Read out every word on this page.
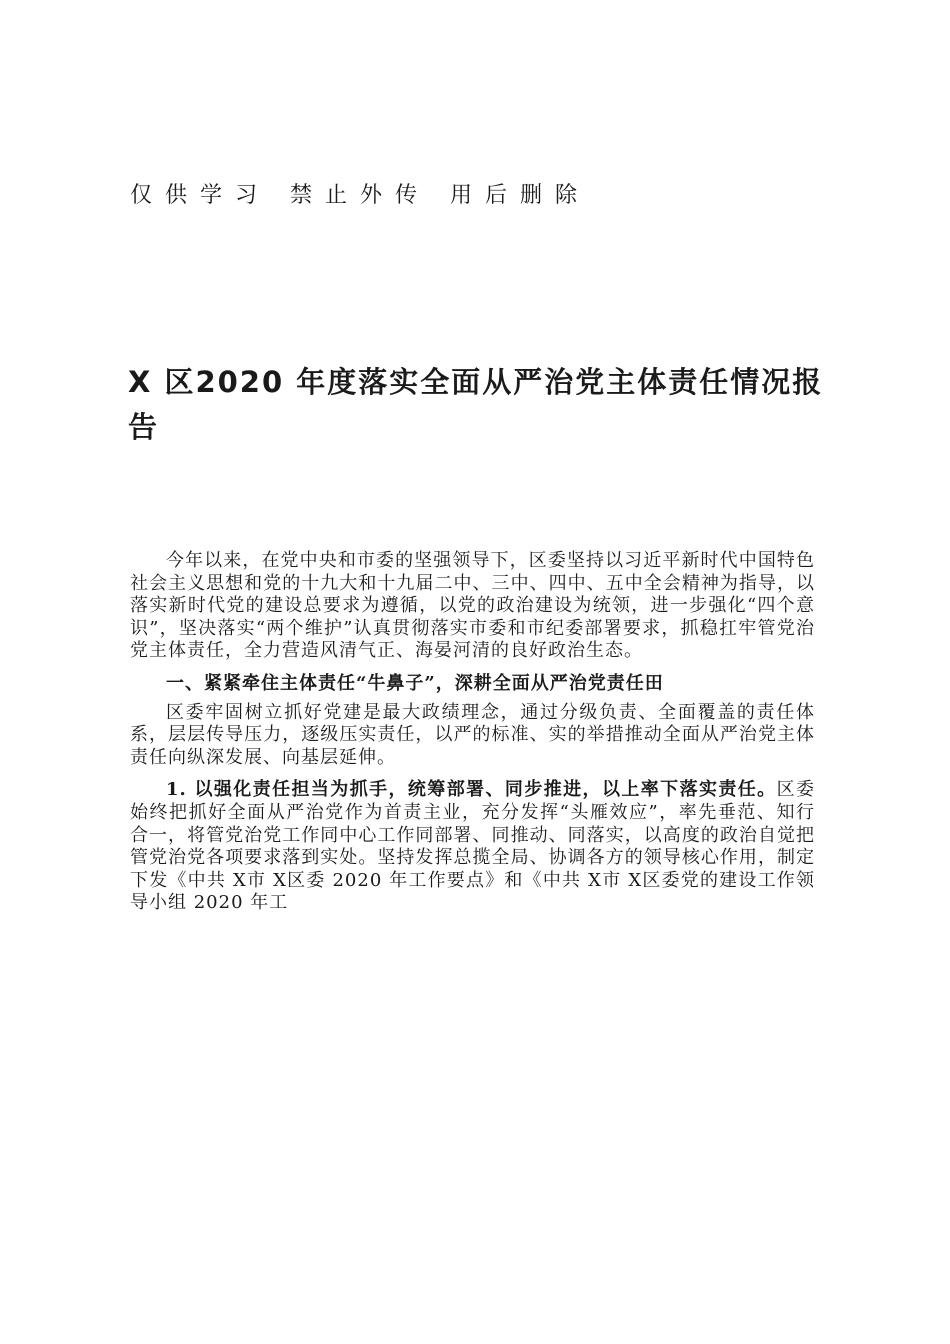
仅供学习 禁止外传 用后删除
X 区2020 年度落实全面从严治党主体责任情况报告

今年以来，在党中央和市委的坚强领导下，区委坚持以习近平新时代中国特色社会主义思想和党的十九大和十九届二中、三中、四中、五中全会精神为指导，以落实新时代党的建设总要求为遵循，以党的政治建设为统领，进一步强化“四个意识”，坚决落实“两个维护”认真贯彻落实市委和市纪委部署要求，抓稳扛牢管党治党主体责任，全力营造风清气正、海晏河清的良好政治生态。

一、紧紧牵住主体责任“牛鼻子”，深耕全面从严治党责任田

区委牢固树立抓好党建是最大政绩理念，通过分级负责、全面覆盖的责任体系，层层传导压力，逐级压实责任，以严的标准、实的举措推动全面从严治党主体责任向纵深发展、向基层延伸。

1. 以强化责任担当为抓手，统筹部署、同步推进，以上率下落实责任。区委始终把抓好全面从严治党作为首责主业，充分发挥“头雁效应”，率先垂范、知行合一，将管党治党工作同中心工作同部署、同推动、同落实，以高度的政治自觉把管党治党各项要求落到实处。坚持发挥总揽全局、协调各方的领导核心作用，制定下发《中共 X市 X区委 2020 年工作要点》和《中共 X市 X区委党的建设工作领导小组 2020 年工
